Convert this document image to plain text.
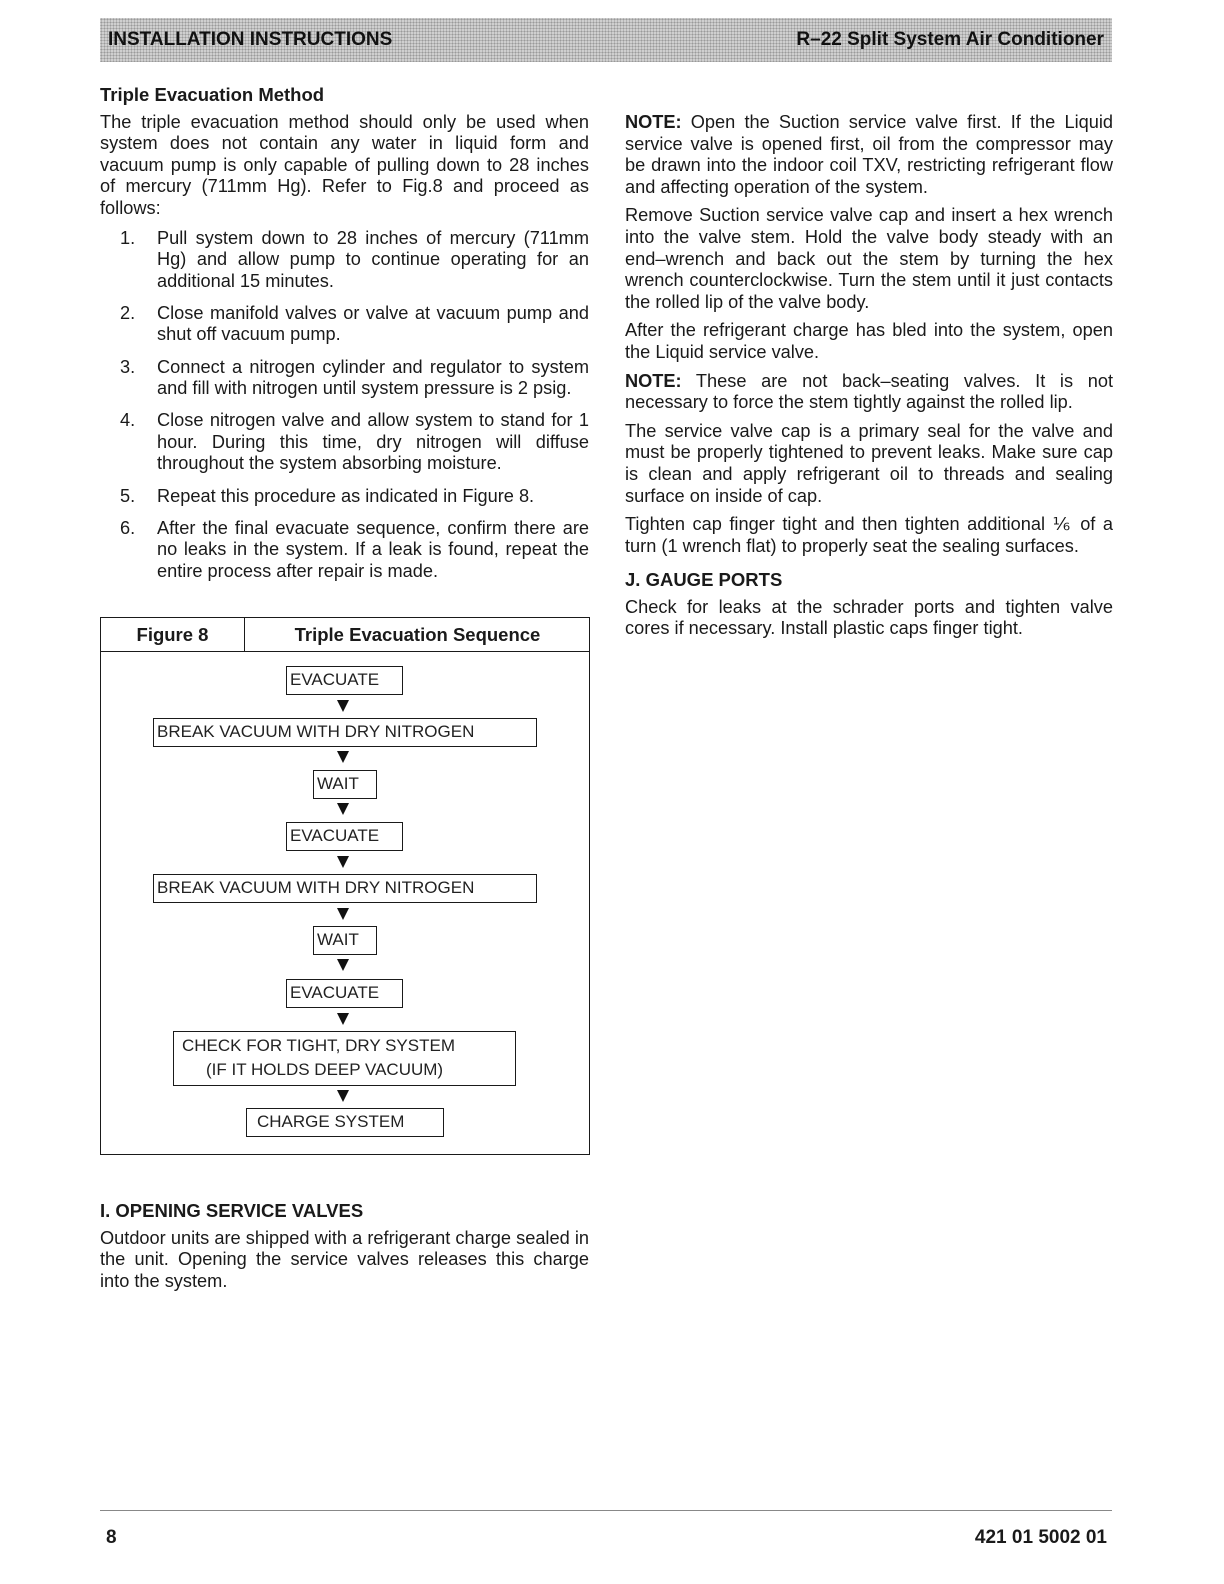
INSTALLATION INSTRUCTIONS	R–22 Split System Air Conditioner
Triple Evacuation Method

The triple evacuation method should only be used when system does not contain any water in liquid form and vacuum pump is only capable of pulling down to 28 inches of mercury (711mm Hg). Refer to Fig.8 and proceed as follows:

1. Pull system down to 28 inches of mercury (711mm Hg) and allow pump to continue operating for an additional 15 minutes.
2. Close manifold valves or valve at vacuum pump and shut off vacuum pump.
3. Connect a nitrogen cylinder and regulator to system and fill with nitrogen until system pressure is 2 psig.
4. Close nitrogen valve and allow system to stand for 1 hour. During this time, dry nitrogen will diffuse throughout the system absorbing moisture.
5. Repeat this procedure as indicated in Figure 8.
6. After the final evacuate sequence, confirm there are no leaks in the system. If a leak is found, repeat the entire process after repair is made.
Figure 8	Triple Evacuation Sequence
EVACUATE
BREAK VACUUM WITH DRY NITROGEN
WAIT
EVACUATE
BREAK VACUUM WITH DRY NITROGEN
WAIT
EVACUATE
CHECK FOR TIGHT, DRY SYSTEM
(IF IT HOLDS DEEP VACUUM)
CHARGE SYSTEM
I. OPENING SERVICE VALVES

Outdoor units are shipped with a refrigerant charge sealed in the unit. Opening the service valves releases this charge into the system.

NOTE: Open the Suction service valve first. If the Liquid service valve is opened first, oil from the compressor may be drawn into the indoor coil TXV, restricting refrigerant flow and affecting operation of the system.

Remove Suction service valve cap and insert a hex wrench into the valve stem. Hold the valve body steady with an end–wrench and back out the stem by turning the hex wrench counterclockwise. Turn the stem until it just contacts the rolled lip of the valve body.

After the refrigerant charge has bled into the system, open the Liquid service valve.

NOTE: These are not back–seating valves. It is not necessary to force the stem tightly against the rolled lip.

The service valve cap is a primary seal for the valve and must be properly tightened to prevent leaks. Make sure cap is clean and apply refrigerant oil to threads and sealing surface on inside of cap.

Tighten cap finger tight and then tighten additional ⅙ of a turn (1 wrench flat) to properly seat the sealing surfaces.

J. GAUGE PORTS

Check for leaks at the schrader ports and tighten valve cores if necessary. Install plastic caps finger tight.

8	421 01 5002 01
